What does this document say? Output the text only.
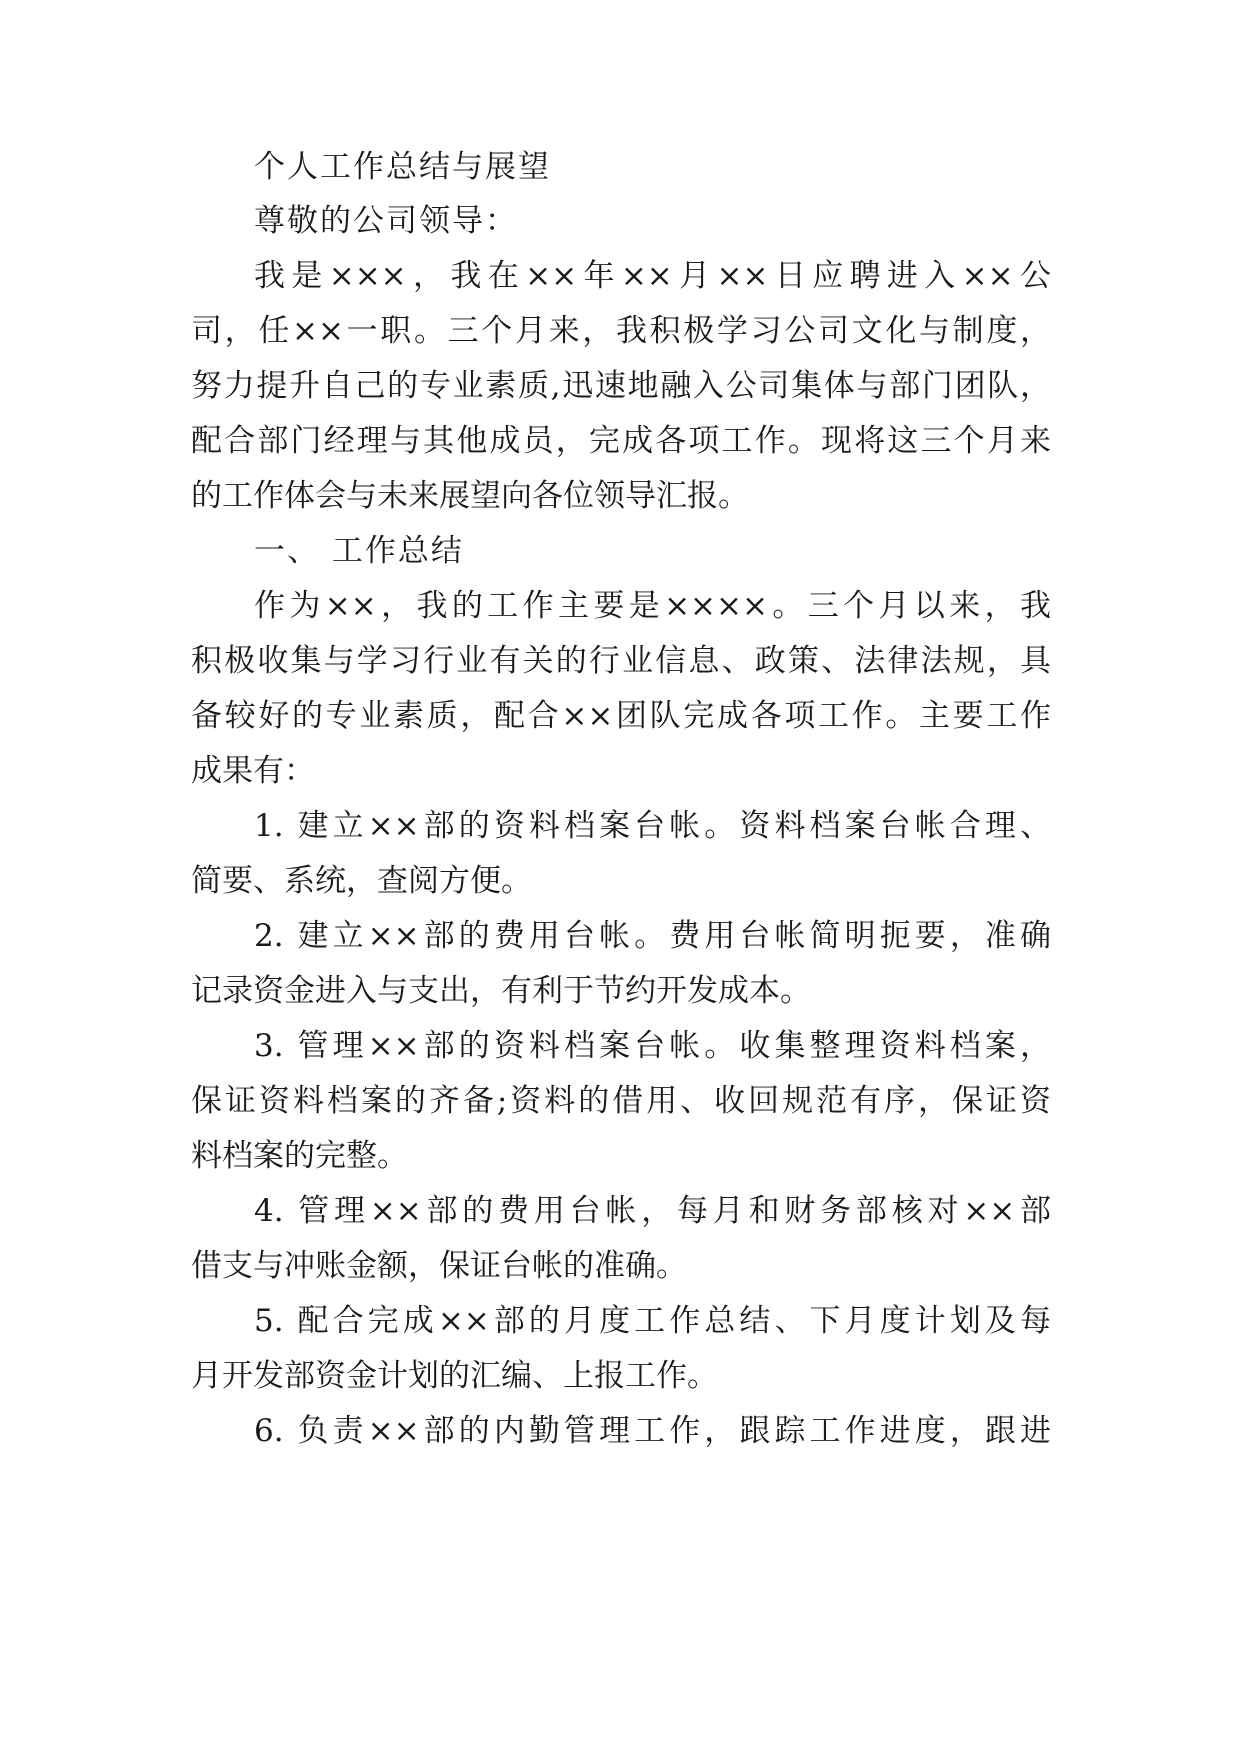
个人工作总结与展望
尊敬的公司领导：
我是×××，我在××年××月××日应聘进入××公
司，任××一职。三个月来，我积极学习公司文化与制度，
努力提升自己的专业素质,迅速地融入公司集体与部门团队，
配合部门经理与其他成员，完成各项工作。现将这三个月来
的工作体会与未来展望向各位领导汇报。
一、 工作总结
作为××，我的工作主要是××××。三个月以来，我
积极收集与学习行业有关的行业信息、政策、法律法规，具
备较好的专业素质，配合××团队完成各项工作。主要工作
成果有：
1. 建立××部的资料档案台帐。资料档案台帐合理、
简要、系统，查阅方便。
2. 建立××部的费用台帐。费用台帐简明扼要，准确
记录资金进入与支出，有利于节约开发成本。
3. 管理××部的资料档案台帐。收集整理资料档案，
保证资料档案的齐备;资料的借用、收回规范有序，保证资
料档案的完整。
4. 管理××部的费用台帐，每月和财务部核对××部
借支与冲账金额，保证台帐的准确。
5. 配合完成××部的月度工作总结、下月度计划及每
月开发部资金计划的汇编、上报工作。
6. 负责××部的内勤管理工作，跟踪工作进度，跟进
